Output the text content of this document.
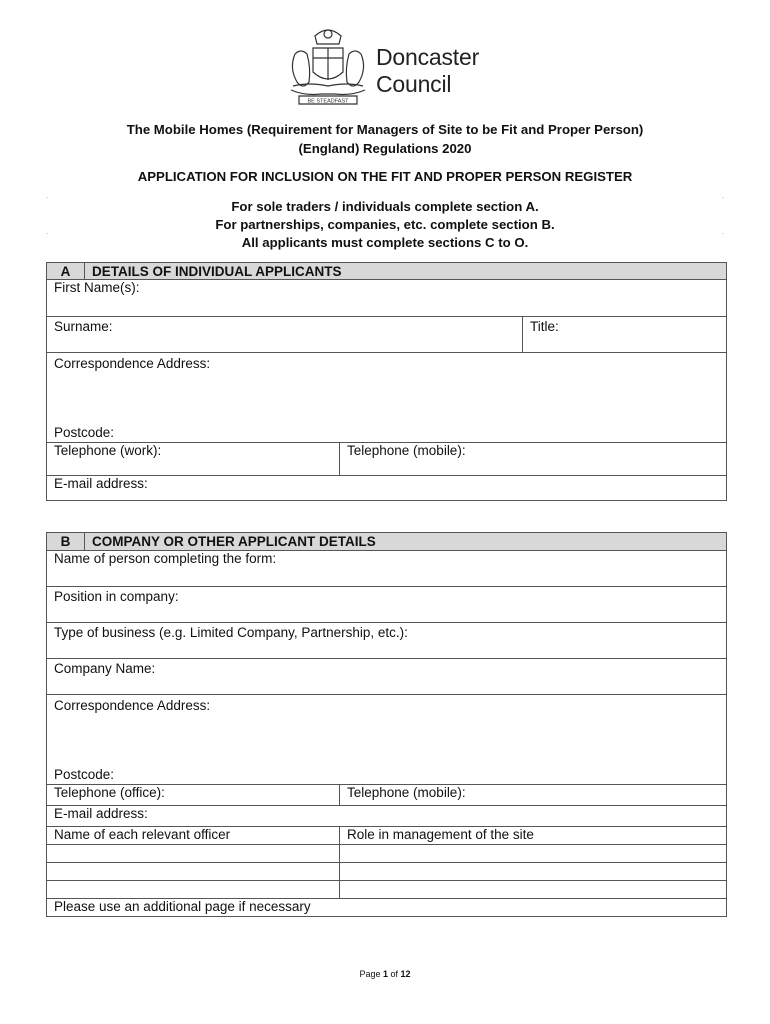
BE STEADFAST
Doncaster
Council
The Mobile Homes (Requirement for Managers of Site to be Fit and Proper Person)
(England) Regulations 2020
APPLICATION FOR INCLUSION ON THE FIT AND PROPER PERSON REGISTER
For sole traders / individuals complete section A.
For partnerships, companies, etc. complete section B.
All applicants must complete sections C to O.
.	.
.	.
A	DETAILS OF INDIVIDUAL APPLICANTS		
First Name(s):			
Surname:			Title:
Correspondence Address:
Postcode:			

Telephone (work):		Telephone (mobile):	
E-mail address:			
B	COMPANY OR OTHER APPLICANT DETAILS	
Name of person completing the form:		
Position in company:		
Type of business (e.g. Limited Company, Partnership, etc.):		
Company Name:		
Correspondence Address:
Postcode:		

Telephone (office):		Telephone (mobile):
E-mail address:		
Name of each relevant officer		Role in management of the site

Please use an additional page if necessary		
Page 1 of 12
